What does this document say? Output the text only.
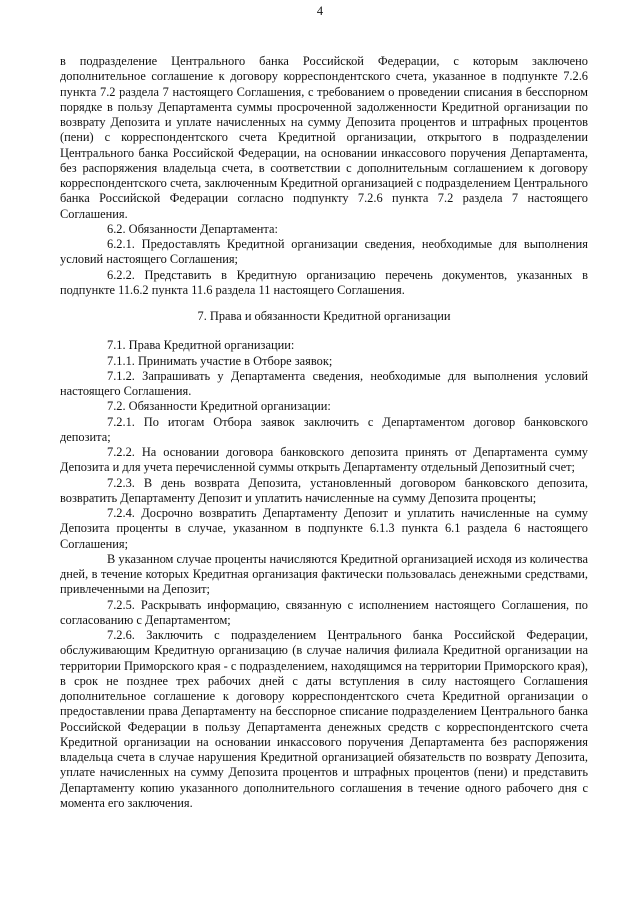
4

в подразделение Центрального банка Российской Федерации, с которым заключено дополнительное соглашение к договору корреспондентского счета, указанное в подпункте 7.2.6 пункта 7.2 раздела 7 настоящего Соглашения, с требованием о проведении списания в бесспорном порядке в пользу Департамента суммы просроченной задолженности Кредитной организации по возврату Депозита и уплате начисленных на сумму Депозита процентов и штрафных процентов (пени) с корреспондентского счета Кредитной организации, открытого в подразделении Центрального банка Российской Федерации, на основании инкассового поручения Департамента, без распоряжения владельца счета, в соответствии с дополнительным соглашением к договору корреспондентского счета, заключенным Кредитной организацией с подразделением Центрального банка Российской Федерации согласно подпункту 7.2.6 пункта 7.2 раздела 7 настоящего Соглашения.

6.2. Обязанности Департамента:

6.2.1. Предоставлять Кредитной организации сведения, необходимые для выполнения условий настоящего Соглашения;

6.2.2. Представить в Кредитную организацию перечень документов, указанных в подпункте 11.6.2 пункта 11.6 раздела 11 настоящего Соглашения.

7. Права и обязанности Кредитной организации

7.1. Права Кредитной организации:

7.1.1. Принимать участие в Отборе заявок;

7.1.2. Запрашивать у Департамента сведения, необходимые для выполнения условий настоящего Соглашения.

7.2. Обязанности Кредитной организации:

7.2.1. По итогам Отбора заявок заключить с Департаментом договор банковского депозита;

7.2.2. На основании договора банковского депозита принять от Департамента сумму Депозита и для учета перечисленной суммы открыть Департаменту отдельный Депозитный счет;

7.2.3. В день возврата Депозита, установленный договором банковского депозита, возвратить Департаменту Депозит и уплатить начисленные на сумму Депозита проценты;

7.2.4. Досрочно возвратить Департаменту Депозит и уплатить начисленные на сумму Депозита проценты в случае, указанном в подпункте 6.1.3 пункта 6.1 раздела 6 настоящего Соглашения;

В указанном случае проценты начисляются Кредитной организацией исходя из количества дней, в течение которых Кредитная организация фактически пользовалась денежными средствами, привлеченными на Депозит;

7.2.5. Раскрывать информацию, связанную с исполнением настоящего Соглашения, по согласованию с Департаментом;

7.2.6. Заключить с подразделением Центрального банка Российской Федерации, обслуживающим Кредитную организацию (в случае наличия филиала Кредитной организации на территории Приморского края - с подразделением, находящимся на территории Приморского края), в срок не позднее трех рабочих дней с даты вступления в силу настоящего Соглашения дополнительное соглашение к договору корреспондентского счета Кредитной организации о предоставлении права Департаменту на бесспорное списание подразделением Центрального банка Российской Федерации в пользу Департамента денежных средств с корреспондентского счета Кредитной организации на основании инкассового поручения Департамента без распоряжения владельца счета в случае нарушения Кредитной организацией обязательств по возврату Депозита, уплате начисленных на сумму Депозита процентов и штрафных процентов (пени) и представить Департаменту копию указанного дополнительного соглашения в течение одного рабочего дня с момента его заключения.
